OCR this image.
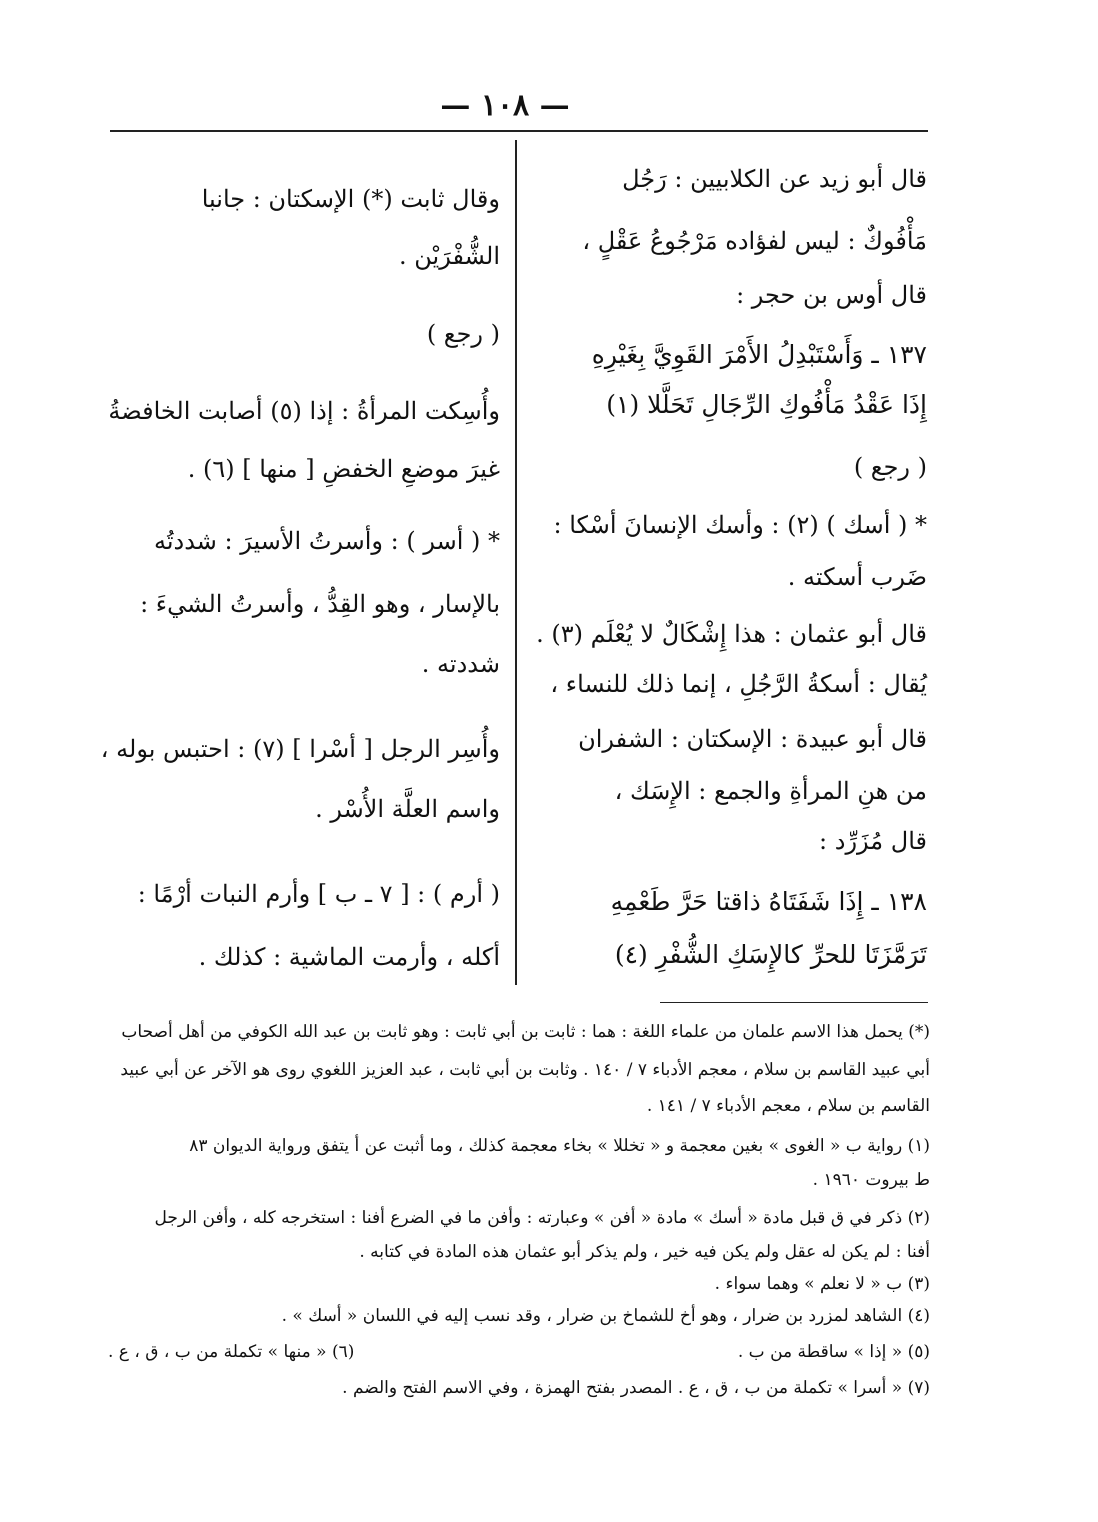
— ١٠٨ —
قال أبو زيد عن الكلابيين : رَجُل
مَأْفُوكٌ : ليس لفؤاده مَرْجُوعُ عَقْلٍ ،
قال أوس بن حجر :
١٣٧ ـ وَأَسْتَبْدِلُ الأَمْرَ القَوِيَّ بِغَيْرِهِ
إِذَا عَقْدُ مَأْفُوكِ الرِّجَالِ تَحَلَّلا (١)
( رجع )
* ( أسك ) (٢) : وأسك الإنسانَ أسْكا :
ضَرب أسكته .
قال أبو عثمان : هذا إِشْكَالٌ لا يُعْلَم (٣) .
يُقال : أسكةُ الرَّجُلِ ، إنما ذلك للنساء ،
قال أبو عبيدة : الإسكتان : الشفران
من هنِ المرأةِ والجمع : الإِسَك ،
قال مُزَرِّد :
١٣٨ ـ إِذَا شَفَتَاهُ ذاقتا حَرَّ طَعْمِهِ
تَرَمَّزَتَا للحرِّ كالإِسَكِ الشُّفْرِ (٤)
وقال ثابت (*) الإسكتان : جانبا
الشُّفْرَيْن .
( رجع )
وأُسِكت المرأةُ : إذا (٥) أصابت الخافضةُ
غيرَ موضعِ الخفضِ [ منها ] (٦) .
* ( أسر ) : وأسرتُ الأسيرَ : شددتُه
بالإسار ، وهو القِدُّ ، وأسرتُ الشيءَ :
شددته .
وأُسِر الرجل [ أسْرا ] (٧) : احتبس بوله ،
واسم العلَّة الأُسْر .
( أرم ) : [ ٧ ـ ب ] وأرم النبات أرْمًا :
أكله ، وأرمت الماشية : كذلك .
(*) يحمل هذا الاسم علمان من علماء اللغة : هما : ثابت بن أبي ثابت : وهو ثابت بن عبد الله الكوفي من أهل أصحاب
أبي عبيد القاسم بن سلام ، معجم الأدباء ٧ / ١٤٠ . وثابت بن أبي ثابت ، عبد العزيز اللغوي روى هو الآخر عن أبي عبيد
القاسم بن سلام ، معجم الأدباء ٧ / ١٤١ .
(١) رواية ب « الغوى » بغين معجمة و « تخللا » بخاء معجمة كذلك ، وما أثبت عن أ يتفق ورواية الديوان ٨٣
ط بيروت ١٩٦٠ .
(٢) ذكر في ق قبل مادة « أسك » مادة « أفن » وعبارته : وأفن ما في الضرع أفنا : استخرجه كله ، وأفن الرجل
أفنا : لم يكن له عقل ولم يكن فيه خير ، ولم يذكر أبو عثمان هذه المادة في كتابه .
(٣) ب « لا نعلم » وهما سواء .
(٤) الشاهد لمزرد بن ضرار ، وهو أخ للشماخ بن ضرار ، وقد نسب إليه في اللسان « أسك » .
(٥) « إذا » ساقطة من ب .
(٦) « منها » تكملة من ب ، ق ، ع .
(٧) « أسرا » تكملة من ب ، ق ، ع . المصدر بفتح الهمزة ، وفي الاسم الفتح والضم .
